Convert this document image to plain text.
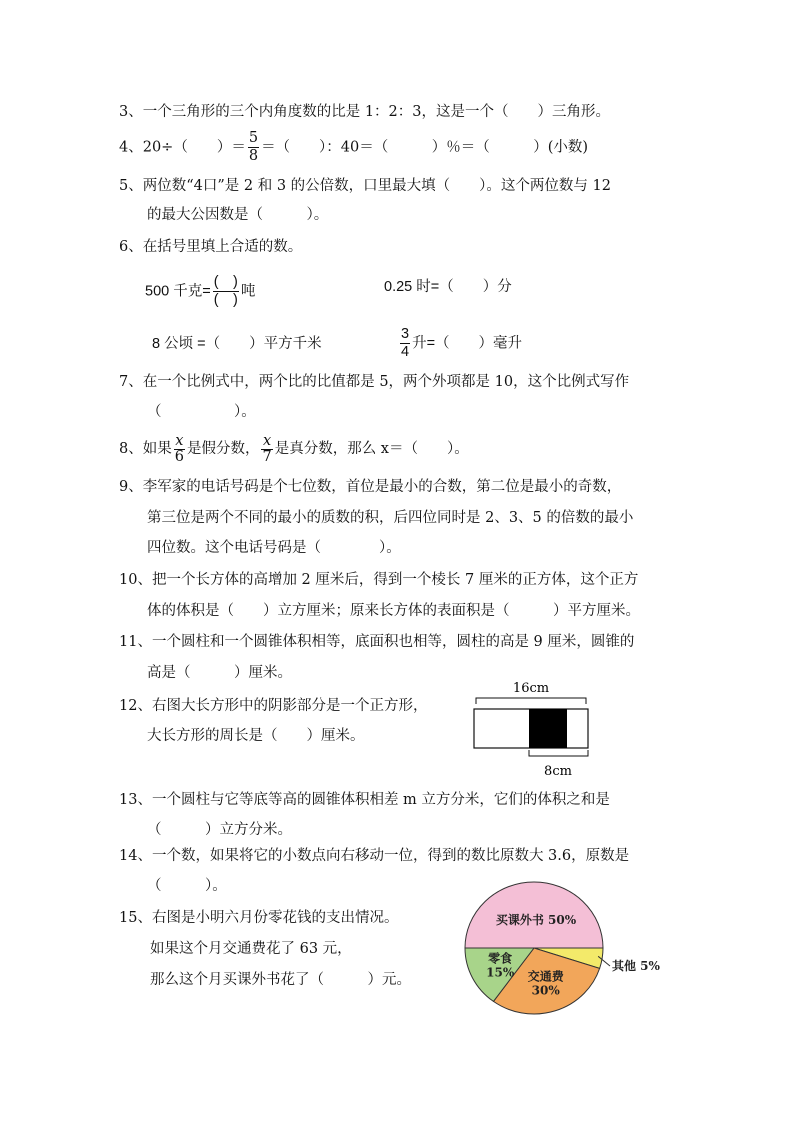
3、一个三角形的三个内角度数的比是 1：2：3，这是一个（　　）三角形。
4、20÷（　　）＝ $\frac{5}{8}$ ＝（　　）：40＝（　　　）％＝（　　　）(小数)
5、两位数“4口”是 2 和 3 的公倍数，口里最大填（　　）。这个两位数与 12
的最大公因数是（　　　）。
6、在括号里填上合适的数。
500 千克= $\frac{( )}{( )}$ 吨	0.25 时=（　　）分
8 公顷 =（　　）平方千米	$\frac{3}{4}$ 升=（　　）毫升
7、在一个比例式中，两个比的比值都是 5，两个外项都是 10，这个比例式写作
（　　　　　）。
8、如果 $\frac{x}{6}$ 是假分数， $\frac{x}{7}$ 是真分数，那么 x＝（　　）。
9、李军家的电话号码是个七位数，首位是最小的合数，第二位是最小的奇数，
第三位是两个不同的最小的质数的积，后四位同时是 2、3、5 的倍数的最小
四位数。这个电话号码是（　　　　）。
10、把一个长方体的高增加 2 厘米后，得到一个棱长 7 厘米的正方体，这个正方
体的体积是（　　）立方厘米；原来长方体的表面积是（　　　）平方厘米。
11、一个圆柱和一个圆锥体积相等，底面积也相等，圆柱的高是 9 厘米，圆锥的
高是（　　　）厘米。
12、右图大长方形中的阴影部分是一个正方形，
大长方形的周长是（　　）厘米。
16cm
8cm
13、一个圆柱与它等底等高的圆锥体积相差 m 立方分米，它们的体积之和是
（　　　）立方分米。
14、一个数，如果将它的小数点向右移动一位，得到的数比原数大 3.6，原数是
（　　　）。
15、右图是小明六月份零花钱的支出情况。
如果这个月交通费花了 63 元，
那么这个月买课外书花了（　　　）元。
买课外书 50%
其他 5%
交通费
30%
零食
15%
